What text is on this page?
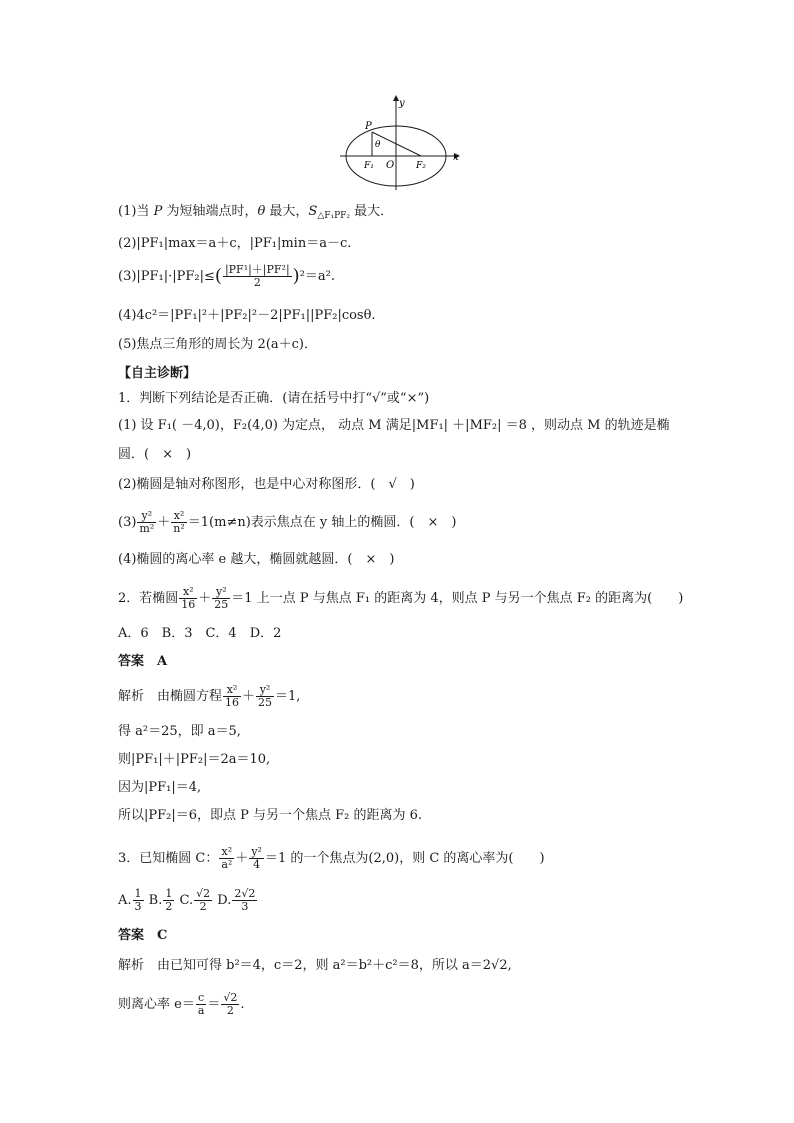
y
x
P
θ
F₁ O F₂
(1)当 P 为短轴端点时，θ 最大，$S_{\triangle F_1PF_2}$ 最大．
(2)|PF₁|max＝a＋c，|PF₁|min＝a－c.
$(3)|PF_1|\cdot|PF_2|\le( \frac{\text{|PF¹|＋|PF²|}}{2} )^2=a^2$.
(4)4c²＝|PF₁|²＋|PF₂|²－2|PF₁||PF₂|cosθ.
(5)焦点三角形的周长为 2(a＋c)．
【自主诊断】
1．判断下列结论是否正确．(请在括号中打“√”或“×”)
(1) 设 F₁( －4,0)，F₂(4,0) 为定点， 动点 M 满足|MF₁| ＋|MF₂| ＝8 ，则动点 M 的轨迹是椭
圆．(　×　)
(2)椭圆是轴对称图形，也是中心对称图形．(　√　)
$(3) \frac{\text{y²}}{\text{m²}} + \frac{\text{x²}}{\text{n²}} =1(m\ne n)$表示焦点在 y 轴上的椭圆．(　×　)
(4)椭圆的离心率 e 越大，椭圆就越圆．(　×　)
2．若椭圆 $\frac{\text{x²}}{16} + \frac{\text{y²}}{25} =1$ 上一点 P 与焦点 F₁ 的距离为 4，则点 P 与另一个焦点 F₂ 的距离为(　　)
A．6　B．3　C．4　D．2
答案　A
解析　由椭圆方程 $\frac{\text{x²}}{16} + \frac{\text{y²}}{25} =1$,
得 a²＝25，即 a＝5,
则|PF₁|＋|PF₂|＝2a＝10,
因为|PF₁|＝4,
所以|PF₂|＝6，即点 P 与另一个焦点 F₂ 的距离为 6.
3．已知椭圆 C： $\frac{\text{x²}}{\text{a²}} + \frac{\text{y²}}{4} =1$ 的一个焦点为(2,0)，则 C 的离心率为(　　)
A. $\frac{1}{3} B$. $\frac{1}{2} C$. $\frac{√2}{2} D$. $\frac{2√2}{3}$
答案　C
解析　由已知可得 b²＝4，c＝2，则 a²＝b²＋c²＝8，所以 a＝2√2,
则离心率 $e= \frac{c}{a} = \frac{√2}{2}$ .
